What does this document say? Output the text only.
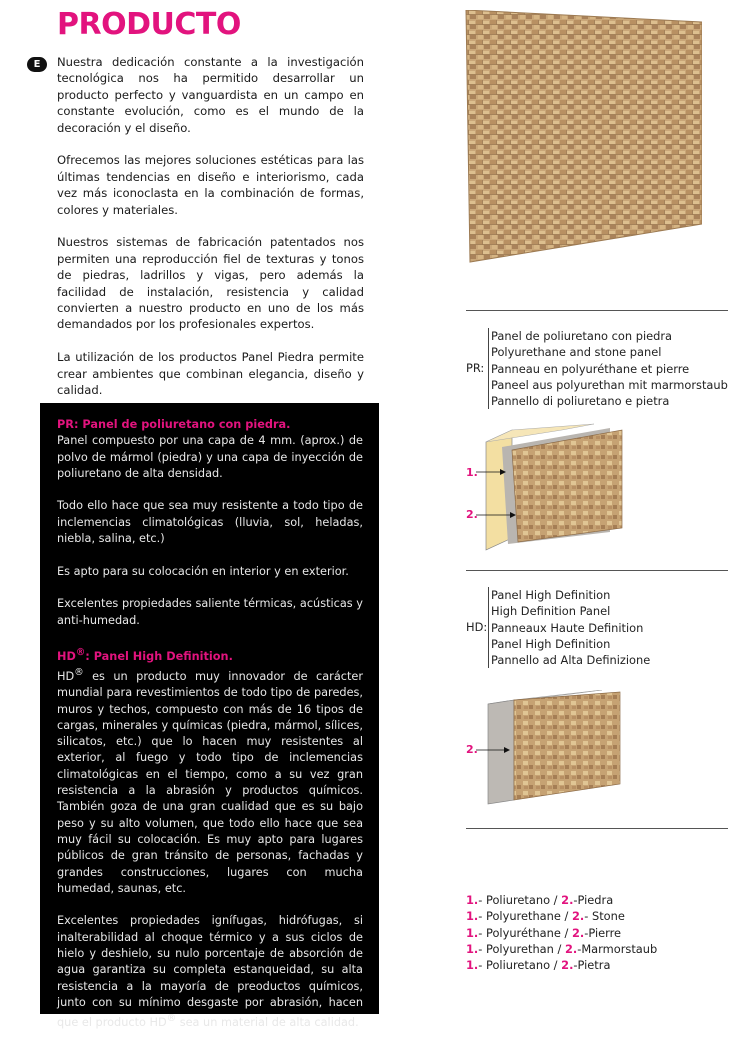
PRODUCTO
E	Nuestra dedicación constante a la investigación tecnológica nos ha permitido desarrollar un producto perfecto y vanguardista en un campo en constante evolución, como es el mundo de la decoración y el diseño.

Ofrecemos las mejores soluciones estéticas para las últimas tendencias en diseño e interiorismo, cada vez más iconoclasta en la combinación de formas, colores y materiales.

Nuestros sistemas de fabricación patentados nos permiten una reproducción fiel de texturas y tonos de piedras, ladrillos y vigas, pero además la facilidad de instalación, resistencia y calidad convierten a nuestro producto en uno de los más demandados por los profesionales expertos.

La utilización de los productos Panel Piedra permite crear ambientes que combinan elegancia, diseño y calidad.

PR: Panel de poliuretano con piedra.

Panel compuesto por una capa de 4 mm. (aprox.) de polvo de mármol (piedra) y una capa de inyección de poliuretano de alta densidad.

Todo ello hace que sea muy resistente a todo tipo de inclemencias climatológicas (lluvia, sol, heladas, niebla, salina, etc.)

Es apto para su colocación en interior y en exterior.

Excelentes propiedades saliente térmicas, acústicas y anti-humedad.

HD®: Panel High Definition.

HD® es un producto muy innovador de carácter mundial para revestimientos de todo tipo de paredes, muros y techos, compuesto con más de 16 tipos de cargas, minerales y químicas (piedra, mármol, sílices, silicatos, etc.) que lo hacen muy resistentes al exterior, al fuego y todo tipo de inclemencias climatológicas en el tiempo, como a su vez gran resistencia a la abrasión y productos químicos. También goza de una gran cualidad que es su bajo peso y su alto volumen, que todo ello hace que sea muy fácil su colocación. Es muy apto para lugares públicos de gran tránsito de personas, fachadas y grandes construcciones, lugares con mucha humedad, saunas, etc.

Excelentes propiedades ignífugas, hidrófugas, si inalterabilidad al choque térmico y a sus ciclos de hielo y deshielo, su nulo porcentaje de absorción de agua garantiza su completa estanqueidad, su alta resistencia a la mayoría de preoductos químicos, junto con su mínimo desgaste por abrasión, hacen que el producto HD® sea un material de alta calidad.

PR:
Panel de poliuretano con piedra
Polyurethane and stone panel
Panneau en polyuréthane et pierre
Paneel aus polyurethan mit marmorstaub
Pannello di poliuretano e pietra
1.
2.
HD:
Panel High Definition
High Definition Panel
Panneaux Haute Definition
Panel High Definition
Pannello ad Alta Definizione
2.
1.- Poliuretano / 2.-Piedra
1.- Polyurethane / 2.- Stone
1.- Polyuréthane / 2.-Pierre
1.- Polyurethan / 2.-Marmorstaub
1.- Poliuretano / 2.-Pietra
